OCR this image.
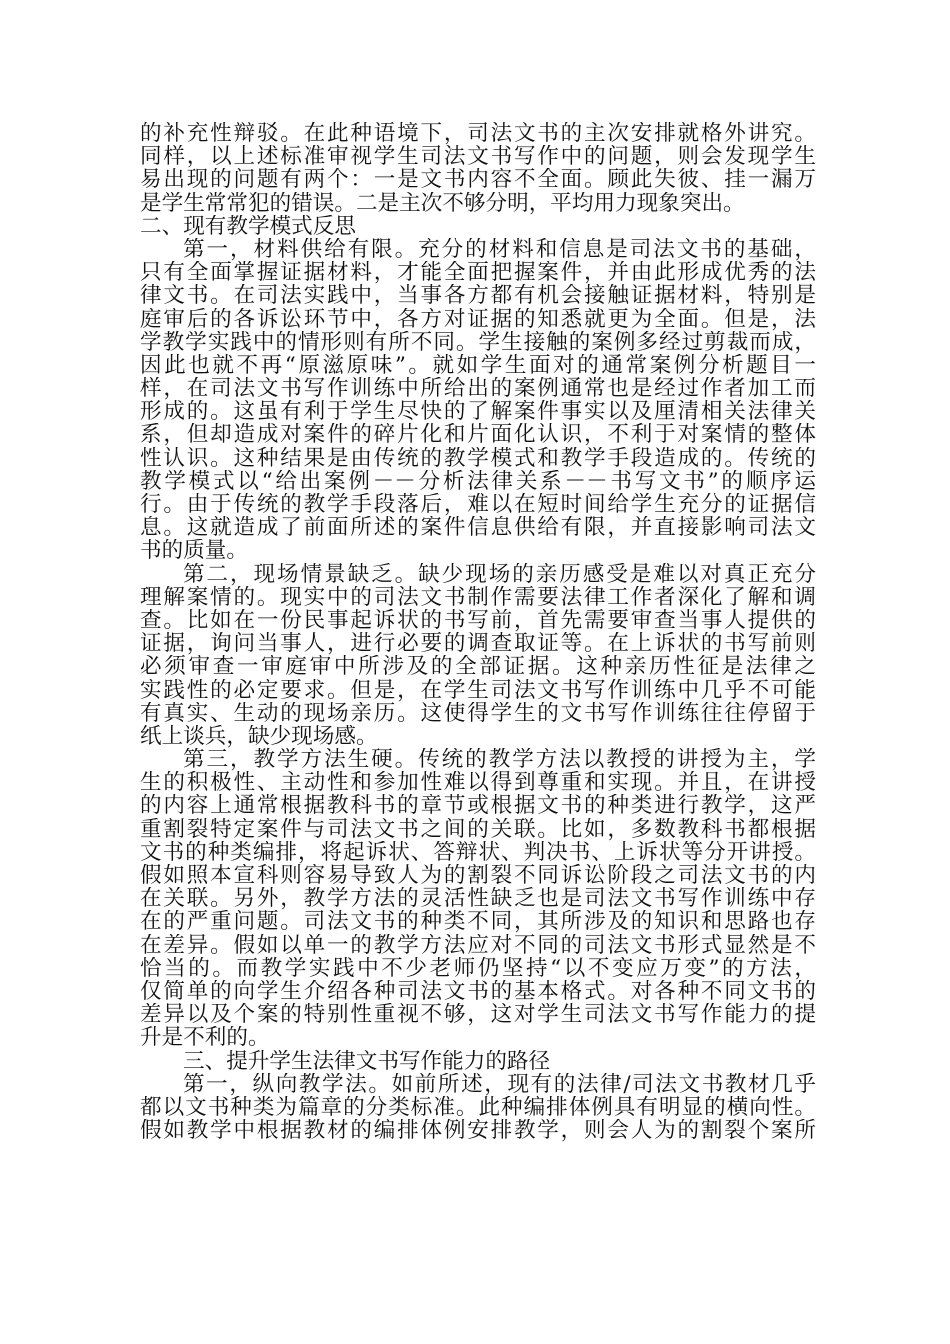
的补充性辩驳。在此种语境下，司法文书的主次安排就格外讲究。
同样，以上述标准审视学生司法文书写作中的问题，则会发现学生
易出现的问题有两个：一是文书内容不全面。顾此失彼、挂一漏万
是学生常常犯的错误。二是主次不够分明，平均用力现象突出。
二、现有教学模式反思
第一，材料供给有限。充分的材料和信息是司法文书的基础，
只有全面掌握证据材料，才能全面把握案件，并由此形成优秀的法
律文书。在司法实践中，当事各方都有机会接触证据材料，特别是
庭审后的各诉讼环节中，各方对证据的知悉就更为全面。但是，法
学教学实践中的情形则有所不同。学生接触的案例多经过剪裁而成，
因此也就不再“原滋原味”。就如学生面对的通常案例分析题目一
样，在司法文书写作训练中所给出的案例通常也是经过作者加工而
形成的。这虽有利于学生尽快的了解案件事实以及厘清相关法律关
系，但却造成对案件的碎片化和片面化认识，不利于对案情的整体
性认识。这种结果是由传统的教学模式和教学手段造成的。传统的
教学模式以“给出案例－－分析法律关系－－书写文书”的顺序运
行。由于传统的教学手段落后，难以在短时间给学生充分的证据信
息。这就造成了前面所述的案件信息供给有限，并直接影响司法文
书的质量。
第二，现场情景缺乏。缺少现场的亲历感受是难以对真正充分
理解案情的。现实中的司法文书制作需要法律工作者深化了解和调
查。比如在一份民事起诉状的书写前，首先需要审查当事人提供的
证据，询问当事人，进行必要的调查取证等。在上诉状的书写前则
必须审查一审庭审中所涉及的全部证据。这种亲历性征是法律之
实践性的必定要求。但是，在学生司法文书写作训练中几乎不可能
有真实、生动的现场亲历。这使得学生的文书写作训练往往停留于
纸上谈兵，缺少现场感。
第三，教学方法生硬。传统的教学方法以教授的讲授为主，学
生的积极性、主动性和参加性难以得到尊重和实现。并且，在讲授
的内容上通常根据教科书的章节或根据文书的种类进行教学，这严
重割裂特定案件与司法文书之间的关联。比如，多数教科书都根据
文书的种类编排，将起诉状、答辩状、判决书、上诉状等分开讲授。
假如照本宣科则容易导致人为的割裂不同诉讼阶段之司法文书的内
在关联。另外，教学方法的灵活性缺乏也是司法文书写作训练中存
在的严重问题。司法文书的种类不同，其所涉及的知识和思路也存
在差异。假如以单一的教学方法应对不同的司法文书形式显然是不
恰当的。而教学实践中不少老师仍坚持“以不变应万变”的方法，
仅简单的向学生介绍各种司法文书的基本格式。对各种不同文书的
差异以及个案的特别性重视不够，这对学生司法文书写作能力的提
升是不利的。
三、提升学生法律文书写作能力的路径
第一，纵向教学法。如前所述，现有的法律/司法文书教材几乎
都以文书种类为篇章的分类标准。此种编排体例具有明显的横向性。
假如教学中根据教材的编排体例安排教学，则会人为的割裂个案所
